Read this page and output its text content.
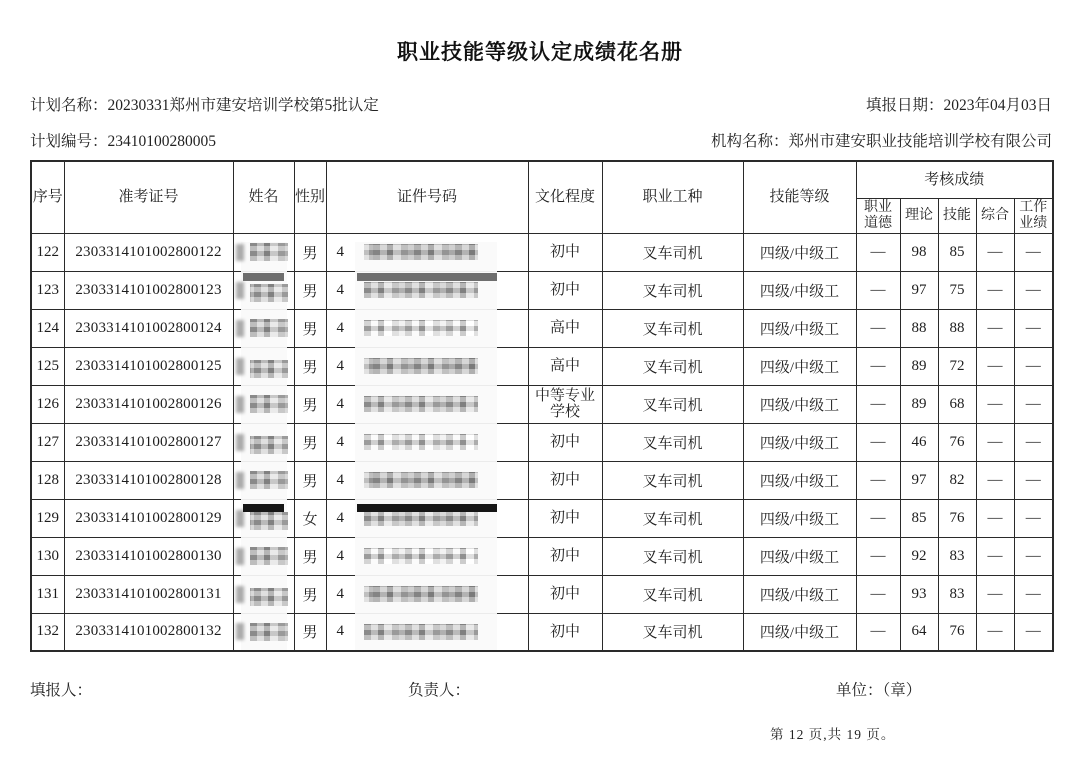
职业技能等级认定成绩花名册
计划名称：20230331郑州市建安培训学校第5批认定	填报日期：2023年04月03日
计划编号：23410100280005	机构名称：郑州市建安职业技能培训学校有限公司
序号	准考证号	姓名	性别	证件号码	文化程度	职业工种	技能等级	考核成绩				
								职业道德	理论	技能	综合	工作业绩
122	2303314101002800122		男	4	初中	叉车司机	四级/中级工	—	98	85	—	—
123	2303314101002800123		男	4	初中	叉车司机	四级/中级工	—	97	75	—	—
124	2303314101002800124		男	4	高中	叉车司机	四级/中级工	—	88	88	—	—
125	2303314101002800125		男	4	高中	叉车司机	四级/中级工	—	89	72	—	—
126	2303314101002800126		男	4	中等专业学校	叉车司机	四级/中级工	—	89	68	—	—
127	2303314101002800127		男	4	初中	叉车司机	四级/中级工	—	46	76	—	—
128	2303314101002800128		男	4	初中	叉车司机	四级/中级工	—	97	82	—	—
129	2303314101002800129		女	4	初中	叉车司机	四级/中级工	—	85	76	—	—
130	2303314101002800130		男	4	初中	叉车司机	四级/中级工	—	92	83	—	—
131	2303314101002800131		男	4	初中	叉车司机	四级/中级工	—	93	83	—	—
132	2303314101002800132		男	4	初中	叉车司机	四级/中级工	—	64	76	—	—
填报人：	负责人：	单位：（章）
第 12 页,共 19 页。
